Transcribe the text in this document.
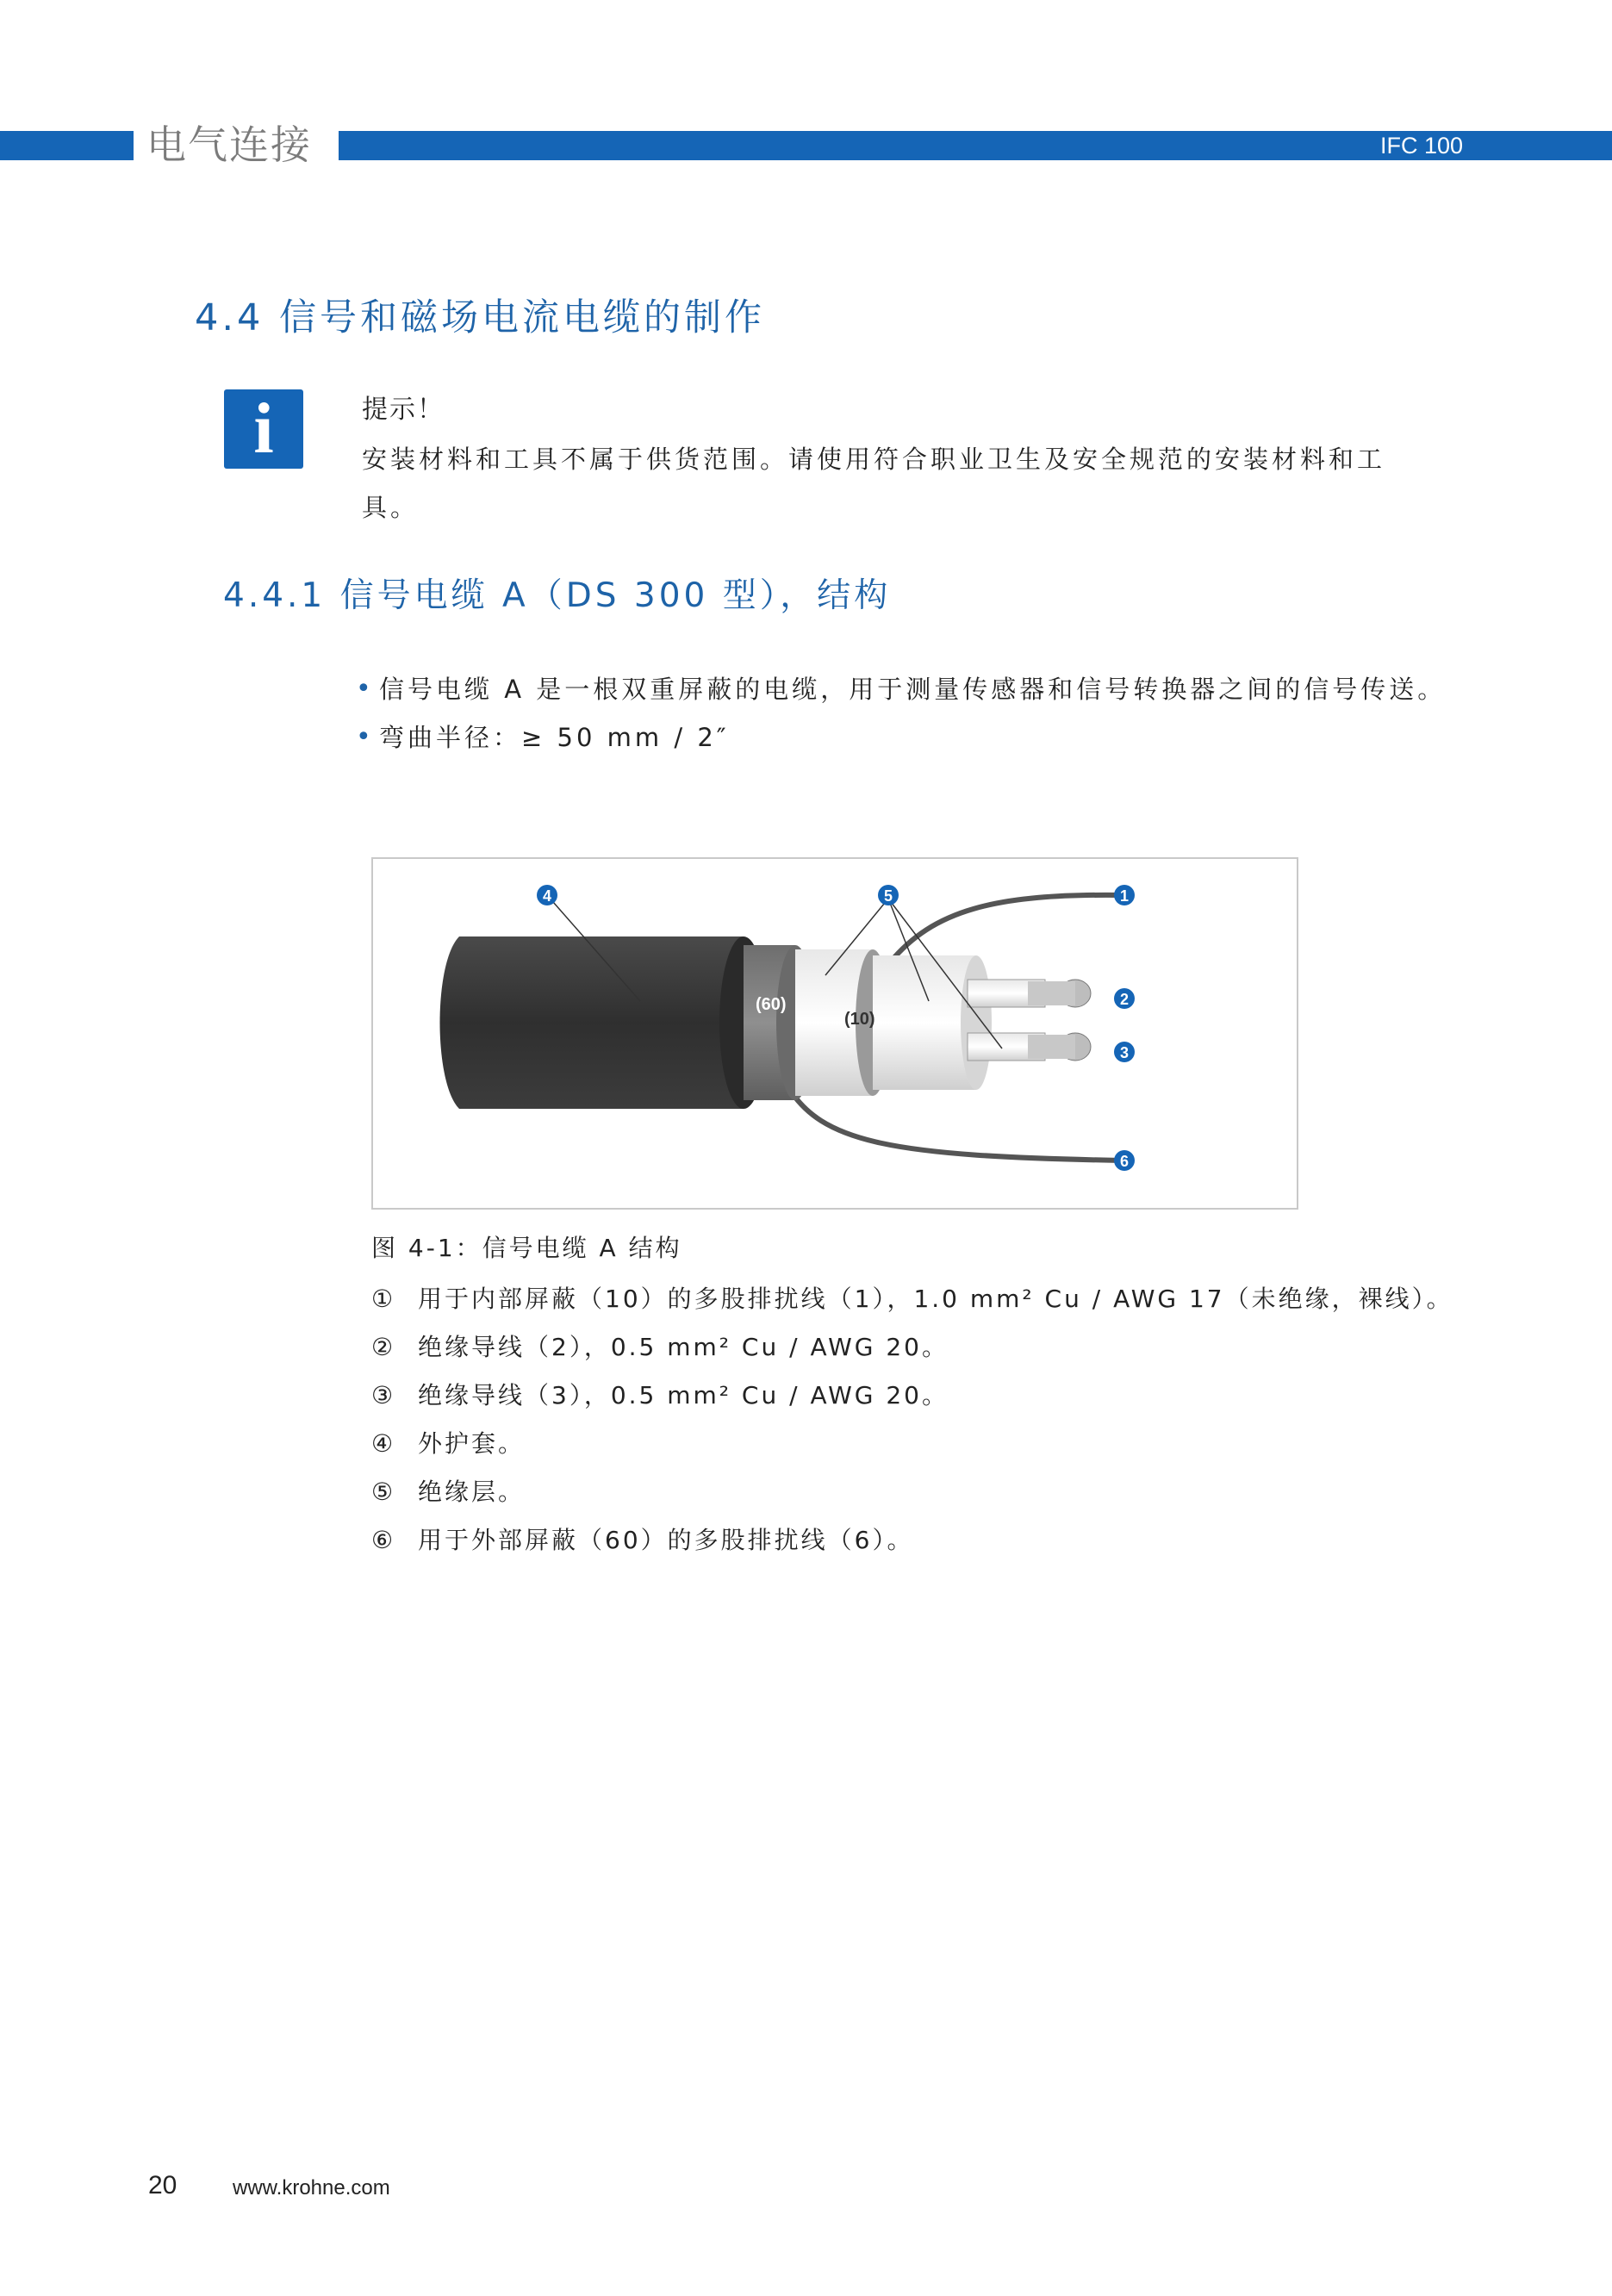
电气连接	IFC 100
4.4 信号和磁场电流电缆的制作
i	提示！
安装材料和工具不属于供货范围。请使用符合职业卫生及安全规范的安装材料和工具。
4.4.1 信号电缆 A（DS 300 型），结构
• 信号电缆 A 是一根双重屏蔽的电缆，用于测量传感器和信号转换器之间的信号传送。
• 弯曲半径：≥ 50 mm / 2″
(60)
(10)
4	5	1
2
3
6
图 4-1：信号电缆 A 结构
① 用于内部屏蔽（10）的多股排扰线（1），1.0 mm² Cu / AWG 17（未绝缘，裸线）。
② 绝缘导线（2），0.5 mm² Cu / AWG 20。
③ 绝缘导线（3），0.5 mm² Cu / AWG 20。
④ 外护套。
⑤ 绝缘层。
⑥ 用于外部屏蔽（60）的多股排扰线（6）。
20	www.krohne.com
